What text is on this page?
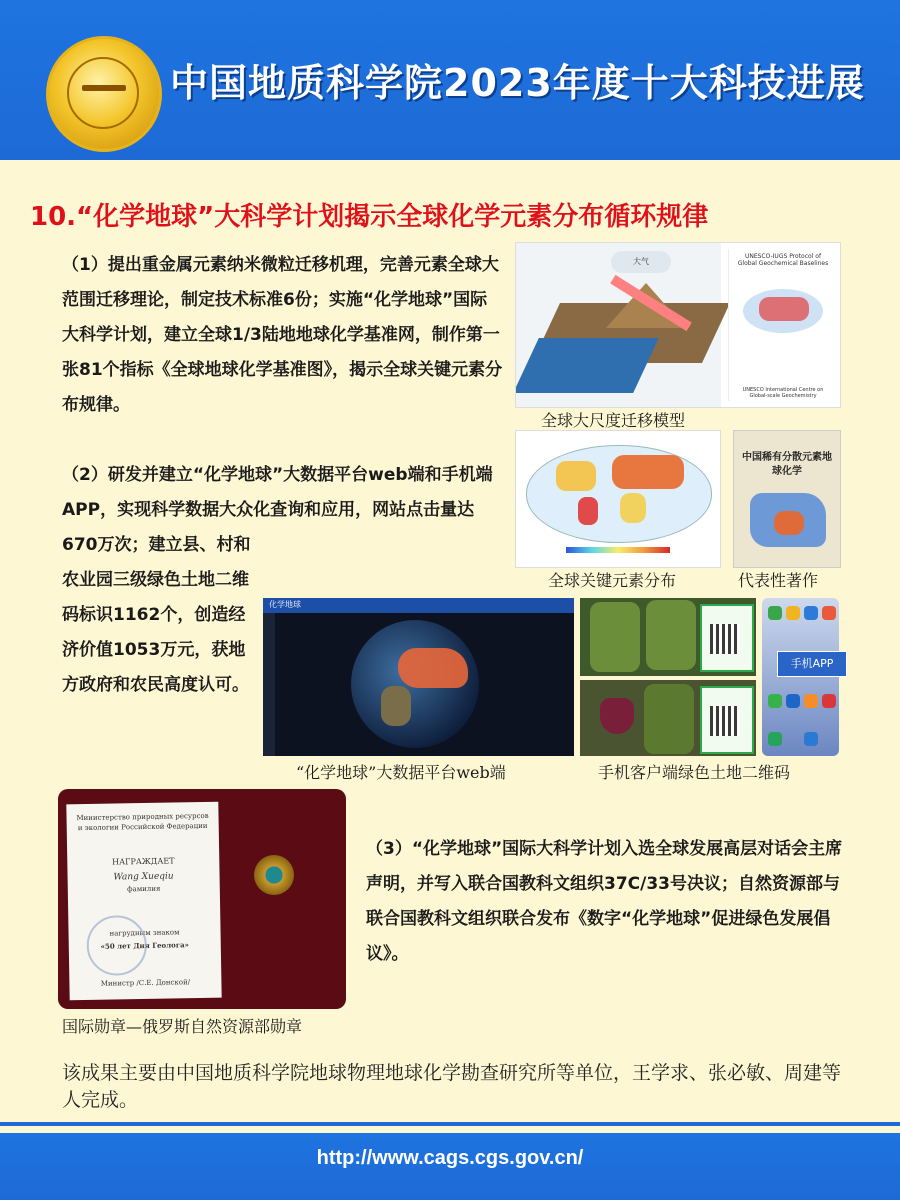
中国地质科学院2023年度十大科技进展
10.“化学地球”大科学计划揭示全球化学元素分布循环规律
（1）提出重金属元素纳米微粒迁移机理，完善元素全球大范围迁移理论，制定技术标准6份；实施“化学地球”国际大科学计划，建立全球1/3陆地地球化学基准网，制作第一张81个指标《全球地球化学基准图》，揭示全球关键元素分布规律。
（2）研发并建立“化学地球”大数据平台web端和手机端APP，实现科学数据大众化查询和应用，网站点击量达670万次；建立县、村和
农业园三级绿色土地二维码标识1162个，创造经济价值1053万元，获地方政府和农民高度认可。
大气
UNESCO-IUGS Protocol of Global Geochemical Baselines
UNESCO International Centre on Global-scale Geochemistry
全球大尺度迁移模型
全球关键元素分布
中国稀有分散元素地球化学
代表性著作
化学地球
“化学地球”大数据平台web端	手机客户端绿色土地二维码
手机APP
Министерство природных ресурсов
и экологии Российской Федерации
НАГРАЖДАЕТ
Wang Xueqiu
фамилия
нагрудным знаком
«50 лет Дня Геолога»
Министр /С.Е. Донской/
国际勋章—俄罗斯自然资源部勋章
（3）“化学地球”国际大科学计划入选全球发展高层对话会主席声明，并写入联合国教科文组织37C/33号决议；自然资源部与联合国教科文组织联合发布《数字“化学地球”促进绿色发展倡议》。
该成果主要由中国地质科学院地球物理地球化学勘查研究所等单位，王学求、张必敏、周建等人完成。
http://www.cags.cgs.gov.cn/
